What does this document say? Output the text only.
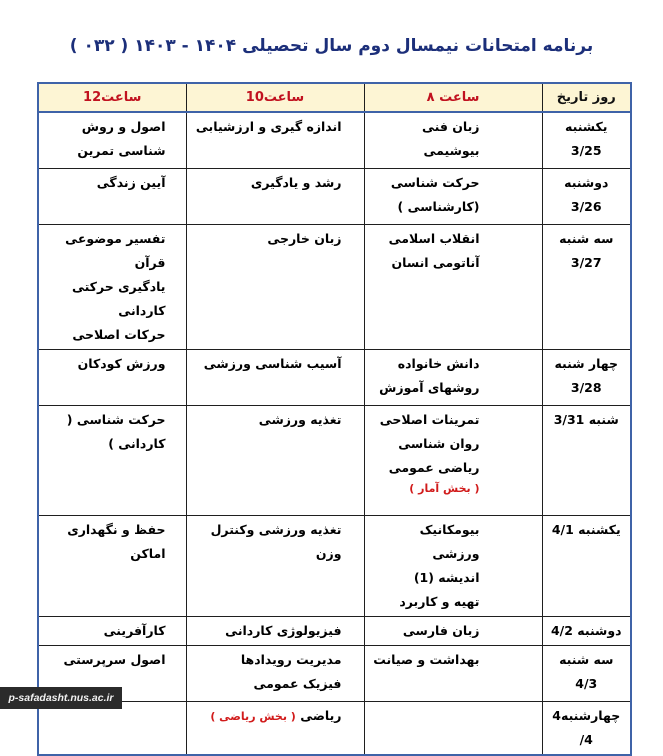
برنامه امتحانات نیمسال دوم سال تحصیلی ۱۴۰۴ - ۱۴۰۳ ( ۰۳۲ )
روز تاریخ	ساعت ۸	ساعت10	ساعت12

یکشنبه 3/25	زبان فنی
بیوشیمی	اندازه گیری و ارزشیابی	اصول و روش شناسی تمرین

دوشنبه 3/26	حرکت شناسی
(کارشناسی )	رشد و یادگیری	آیین زندگی

سه شنبه
3/27	انقلاب اسلامی
آناتومی انسان	زبان خارجی	تفسیر موضوعی قرآن
یادگیری حرکتی کاردانی
حرکات اصلاحی

چهار شنبه
3/28	دانش خانواده
روشهای آموزش	آسیب شناسی ورزشی	ورزش کودکان

شنبه 3/31	تمرینات اصلاحی
روان شناسی
ریاضی عمومی
( بخش آمار )	تغذیه ورزشی	حرکت شناسی ( کاردانی )

یکشنبه 4/1	بیومکانیک ورزشی
اندیشه (1)
تهیه و کاربرد	تغذیه ورزشی وکنترل وزن	حفظ و نگهداری اماکن

دوشنبه 4/2	زبان فارسی	فیزیولوژی کاردانی	کارآفرینی

سه شنبه 4/3	بهداشت و صیانت	مدیریت رویدادها
فیزیک عمومی	اصول سرپرستی

چهارشنبه4/4		ریاضی ( بخش ریاضی )	
p-safadasht.nus.ac.ir
